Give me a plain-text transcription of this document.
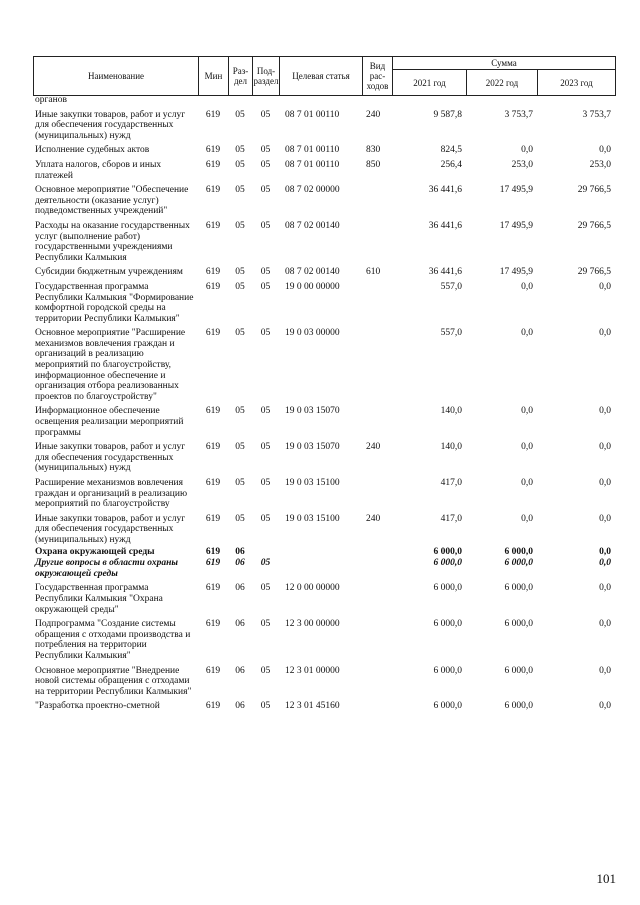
Наименование	Мин	Раз-дел	Под-раздел	Целевая статья	Вид рас-ходов	Сумма		
						2021 год	2022 год	2023 год
органов								
Иные закупки товаров, работ и услуг для обеспечения государственных (муниципальных) нужд	619	05	05	08 7 01 00110	240	9 587,8	3 753,7	3 753,7
Исполнение судебных актов	619	05	05	08 7 01 00110	830	824,5	0,0	0,0
Уплата налогов, сборов и иных платежей	619	05	05	08 7 01 00110	850	256,4	253,0	253,0
Основное мероприятие "Обеспечение деятельности (оказание услуг) подведомственных учреждений"	619	05	05	08 7 02 00000		36 441,6	17 495,9	29 766,5
Расходы на оказание государственных услуг (выполнение работ) государственными учреждениями Республики Калмыкия	619	05	05	08 7 02 00140		36 441,6	17 495,9	29 766,5
Субсидии бюджетным учреждениям	619	05	05	08 7 02 00140	610	36 441,6	17 495,9	29 766,5
Государственная программа Республики Калмыкия "Формирование комфортной городской среды на территории Республики Калмыкия"	619	05	05	19 0 00 00000		557,0	0,0	0,0
Основное мероприятие "Расширение механизмов вовлечения граждан и организаций в реализацию мероприятий по благоустройству, информационное обеспечение и организация отбора реализованных проектов по благоустройству"	619	05	05	19 0 03 00000		557,0	0,0	0,0
Информационное обеспечение освещения реализации мероприятий программы	619	05	05	19 0 03 15070		140,0	0,0	0,0
Иные закупки товаров, работ и услуг для обеспечения государственных (муниципальных) нужд	619	05	05	19 0 03 15070	240	140,0	0,0	0,0
Расширение механизмов вовлечения граждан и организаций в реализацию мероприятий по благоустройству	619	05	05	19 0 03 15100		417,0	0,0	0,0
Иные закупки товаров, работ и услуг для обеспечения государственных (муниципальных) нужд	619	05	05	19 0 03 15100	240	417,0	0,0	0,0
Охрана окружающей среды	619	06				6 000,0	6 000,0	0,0
Другие вопросы в области охраны окружающей среды	619	06	05			6 000,0	6 000,0	0,0
Государственная программа Республики Калмыкия "Охрана окружающей среды"	619	06	05	12 0 00 00000		6 000,0	6 000,0	0,0
Подпрограмма "Создание системы обращения с отходами производства и потребления на территории Республики Калмыкия"	619	06	05	12 3 00 00000		6 000,0	6 000,0	0,0
Основное мероприятие "Внедрение новой системы обращения с отходами на территории Республики Калмыкия"	619	06	05	12 3 01 00000		6 000,0	6 000,0	0,0
"Разработка проектно-сметной	619	06	05	12 3 01 45160		6 000,0	6 000,0	0,0
101
